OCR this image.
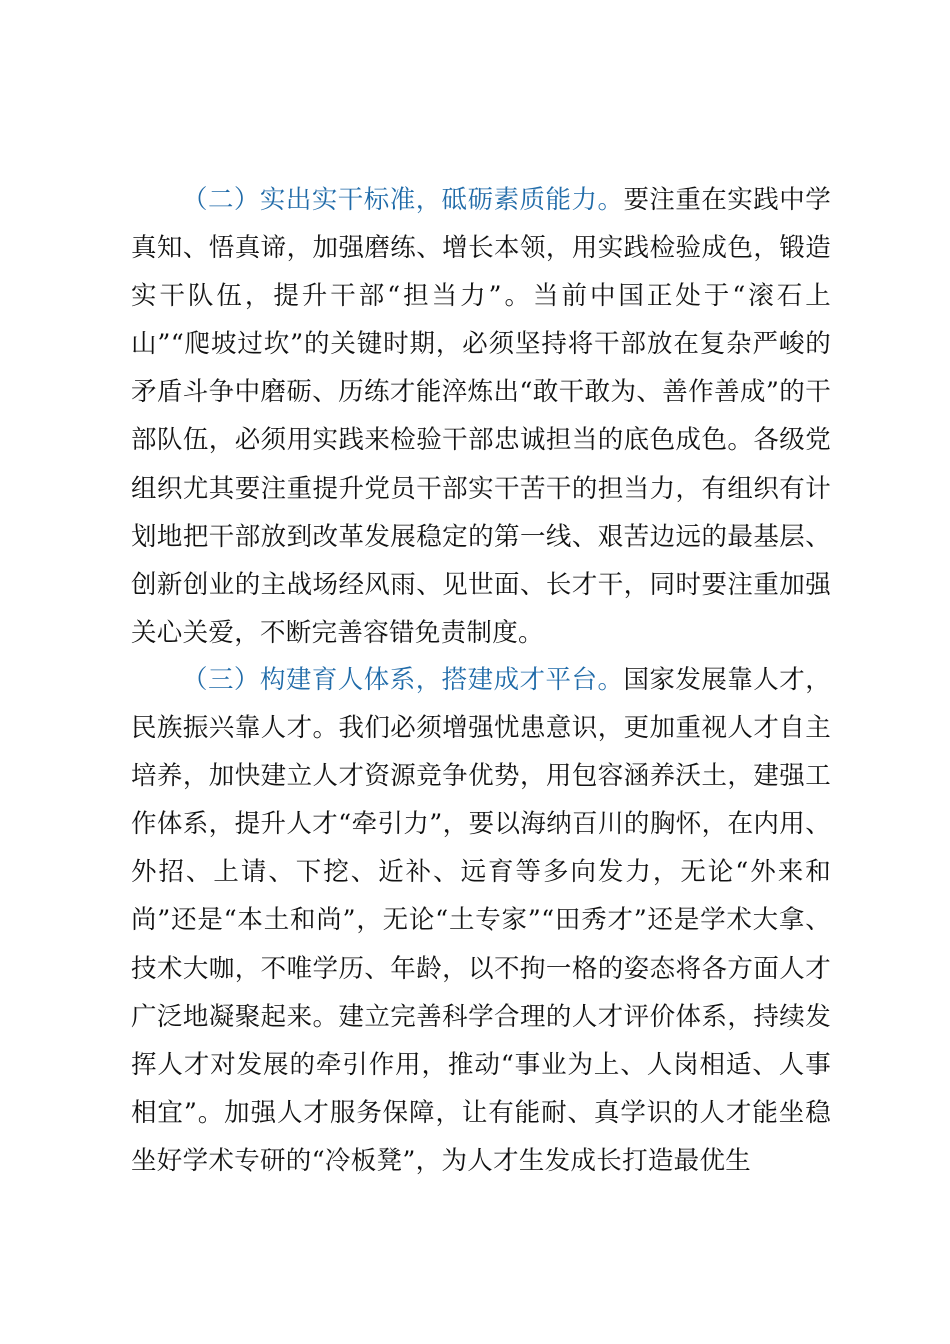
（二）实出实干标准，砥砺素质能力。要注重在实践中学真知、悟真谛，加强磨练、增长本领，用实践检验成色，锻造实干队伍，提升干部“担当力”。当前中国正处于“滚石上山”“爬坡过坎”的关键时期，必须坚持将干部放在复杂严峻的矛盾斗争中磨砺、历练才能淬炼出“敢干敢为、善作善成”的干部队伍，必须用实践来检验干部忠诚担当的底色成色。各级党组织尤其要注重提升党员干部实干苦干的担当力，有组织有计划地把干部放到改革发展稳定的第一线、艰苦边远的最基层、创新创业的主战场经风雨、见世面、长才干，同时要注重加强关心关爱，不断完善容错免责制度。

（三）构建育人体系，搭建成才平台。国家发展靠人才，民族振兴靠人才。我们必须增强忧患意识，更加重视人才自主培养，加快建立人才资源竞争优势，用包容涵养沃土，建强工作体系，提升人才“牵引力”，要以海纳百川的胸怀，在内用、外招、上请、下挖、近补、远育等多向发力，无论“外来和尚”还是“本土和尚”，无论“土专家”“田秀才”还是学术大拿、技术大咖，不唯学历、年龄，以不拘一格的姿态将各方面人才广泛地凝聚起来。建立完善科学合理的人才评价体系，持续发挥人才对发展的牵引作用，推动“事业为上、人岗相适、人事相宜”。加强人才服务保障，让有能耐、真学识的人才能坐稳坐好学术专研的“冷板凳”，为人才生发成长打造最优生
